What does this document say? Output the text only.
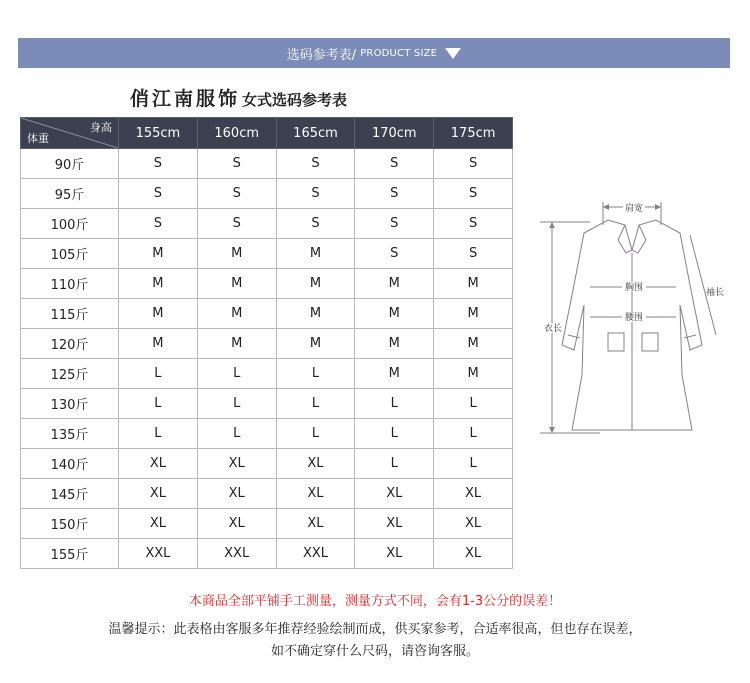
选码参考表/ PRODUCT SIZE
俏江南服饰 女式选码参考表
身高
体重	155cm	160cm	165cm	170cm	175cm
90斤	S	S	S	S	S
95斤	S	S	S	S	S
100斤	S	S	S	S	S
105斤	M	M	M	S	S
110斤	M	M	M	M	M
115斤	M	M	M	M	M
120斤	M	M	M	M	M
125斤	L	L	L	M	M
130斤	L	L	L	L	L
135斤	L	L	L	L	L
140斤	XL	XL	XL	L	L
145斤	XL	XL	XL	XL	XL
150斤	XL	XL	XL	XL	XL
155斤	XXL	XXL	XXL	XL	XL
肩宽
胸围
腰围
衣长
袖长
本商品全部平铺手工测量，测量方式不同，会有1-3公分的误差！
温馨提示：此表格由客服多年推荐经验绘制而成，供买家参考，合适率很高，但也存在误差，
如不确定穿什么尺码，请咨询客服。
